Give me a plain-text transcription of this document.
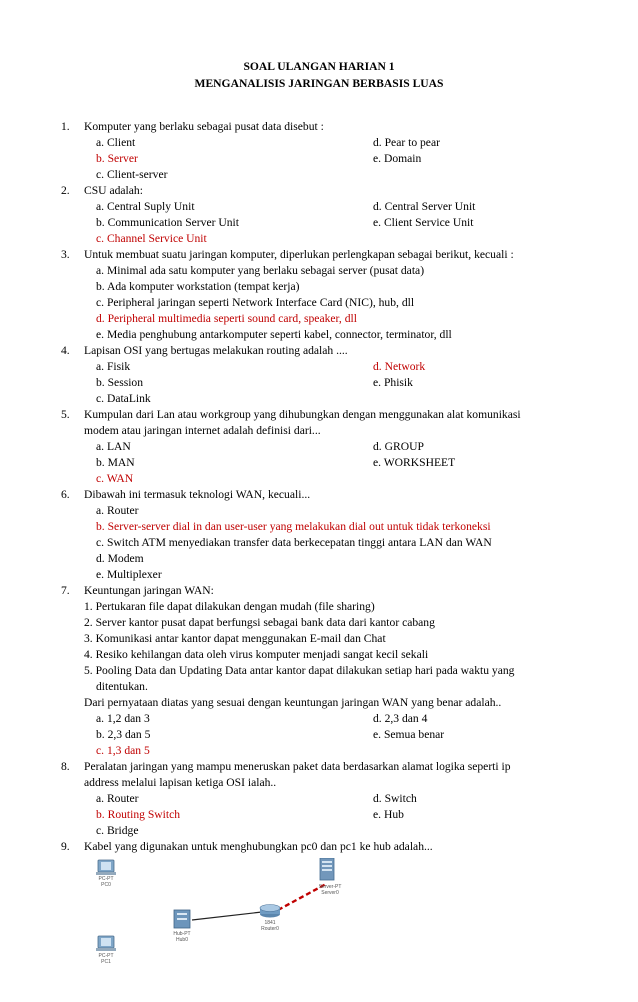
SOAL ULANGAN HARIAN 1
MENGANALISIS JARINGAN BERBASIS LUAS
1. Komputer yang berlaku sebagai pusat data disebut :
a. Client	d. Pear to pear
b. Server	e. Domain
c. Client-server
2. CSU adalah:
a. Central Suply Unit	d. Central Server Unit
b. Communication Server Unit	e. Client Service Unit
c. Channel Service Unit
3. Untuk membuat suatu jaringan komputer, diperlukan perlengkapan sebagai berikut, kecuali :
a. Minimal ada satu komputer yang berlaku sebagai server (pusat data)
b. Ada komputer workstation (tempat kerja)
c. Peripheral jaringan seperti Network Interface Card (NIC), hub, dll
d. Peripheral multimedia seperti sound card, speaker, dll
e. Media penghubung antarkomputer seperti kabel, connector, terminator, dll
4. Lapisan OSI yang bertugas melakukan routing adalah ....
a. Fisik	d. Network
b. Session	e. Phisik
c. DataLink
5. Kumpulan dari Lan atau workgroup yang dihubungkan dengan menggunakan alat komunikasi
modem atau jaringan internet adalah definisi dari...
a. LAN	d. GROUP
b. MAN	e. WORKSHEET
c. WAN
6. Dibawah ini termasuk teknologi WAN, kecuali...
a. Router
b. Server-server dial in dan user-user yang melakukan dial out untuk tidak terkoneksi
c. Switch ATM menyediakan transfer data berkecepatan tinggi antara LAN dan WAN
d. Modem
e. Multiplexer
7. Keuntungan jaringan WAN:
1. Pertukaran file dapat dilakukan dengan mudah (file sharing)
2. Server kantor pusat dapat berfungsi sebagai bank data dari kantor cabang
3. Komunikasi antar kantor dapat menggunakan E-mail dan Chat
4. Resiko kehilangan data oleh virus komputer menjadi sangat kecil sekali
5. Pooling Data dan Updating Data antar kantor dapat dilakukan setiap hari pada waktu yang
ditentukan.
Dari pernyataan diatas yang sesuai dengan keuntungan jaringan WAN yang benar adalah..
a. 1,2 dan 3	d. 2,3 dan 4
b. 2,3 dan 5	e. Semua benar
c. 1,3 dan 5
8. Peralatan jaringan yang mampu meneruskan paket data berdasarkan alamat logika seperti ip
address melalui lapisan ketiga OSI ialah..
a. Router	d. Switch
b. Routing Switch	e. Hub
c. Bridge
9. Kabel yang digunakan untuk menghubungkan pc0 dan pc1 ke hub adalah...
PC-PT
PC0
PC-PT
PC1
Hub-PT
Hub0
1841
Router0
Server-PT
Server0
